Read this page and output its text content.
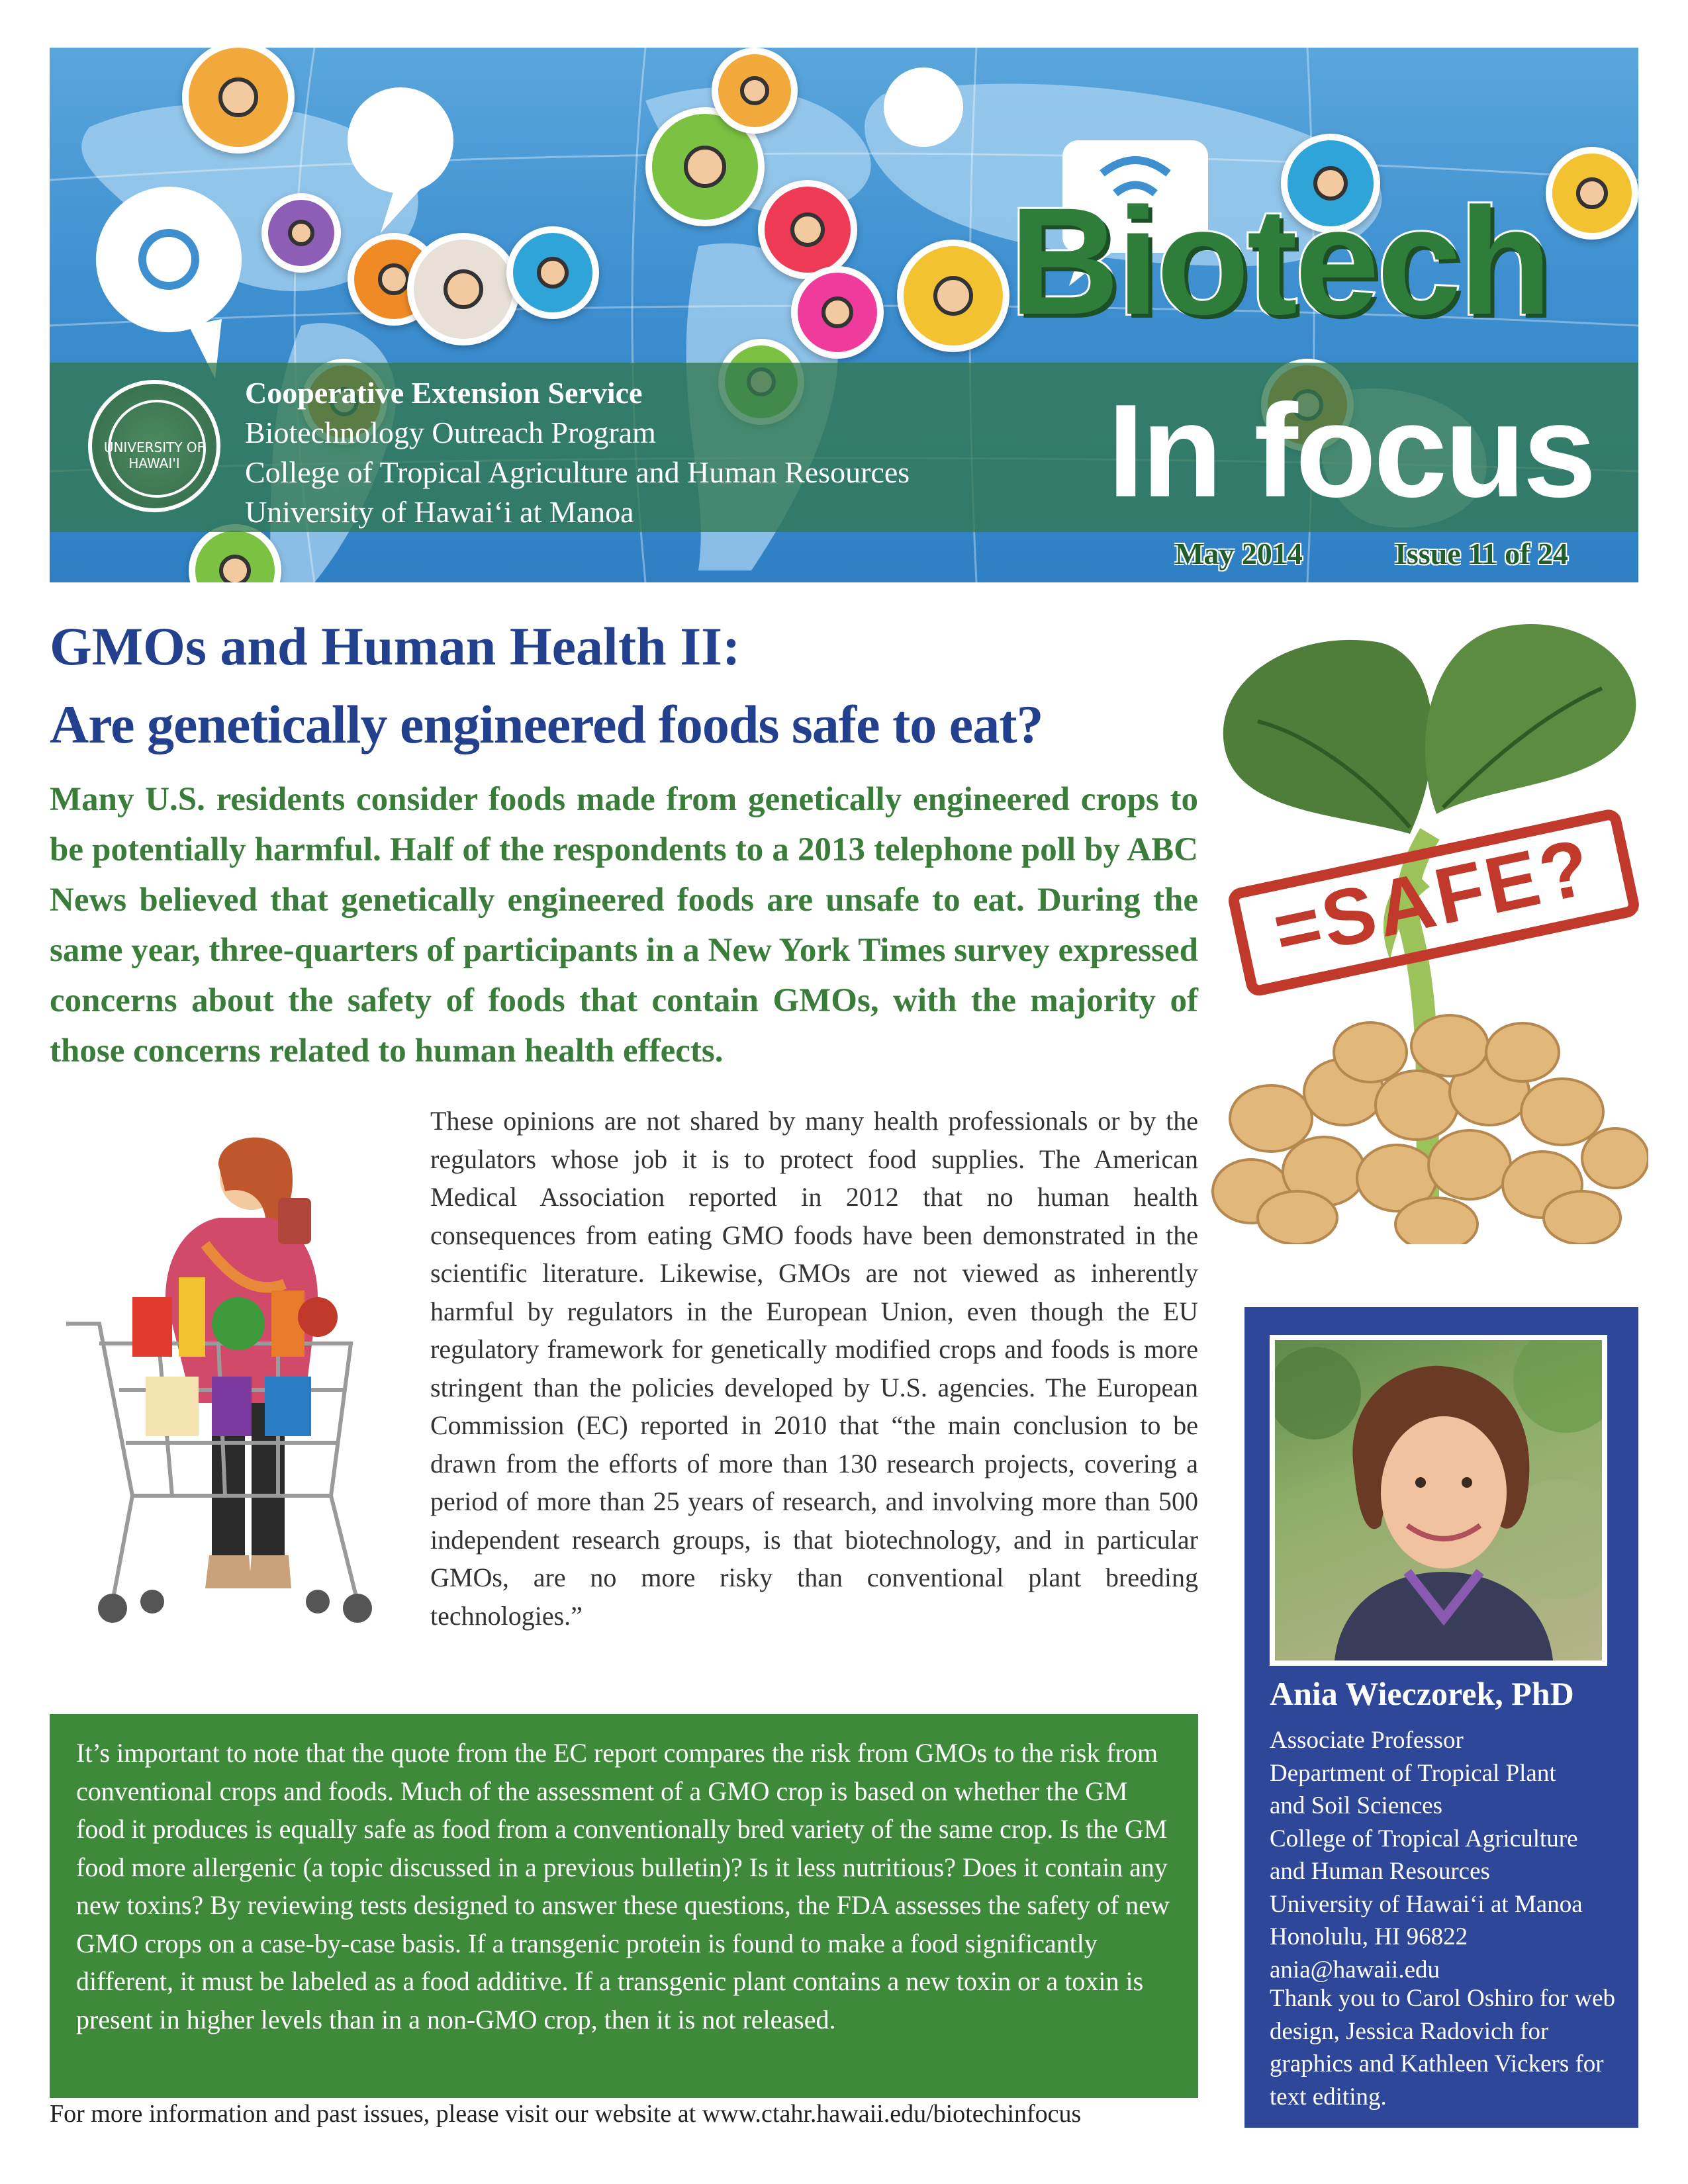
UNIVERSITY OF HAWAI'I
Cooperative Extension Service
Biotechnology Outreach Program
College of Tropical Agriculture and Human Resources
University of Hawai‘i at Manoa
Biotech
In focus
May 2014	Issue 11 of 24
GMOs and Human Health II:
Are genetically engineered foods safe to eat?

Many U.S. residents consider foods made from genetically engineered crops to be potentially harmful. Half of the respondents to a 2013 telephone poll by ABC News believed that genetically engineered foods are unsafe to eat. During the same year, three-quarters of participants in a New York Times survey expressed concerns about the safety of foods that contain GMOs, with the majority of those concerns related to human health effects.

=SAFE?

These opinions are not shared by many health professionals or by the regulators whose job it is to protect food supplies. The American Medical Association reported in 2012 that no human health consequences from eating GMO foods have been demonstrated in the scientific literature. Likewise, GMOs are not viewed as inherently harmful by regulators in the European Union, even though the EU regulatory framework for genetically modified crops and foods is more stringent than the policies developed by U.S. agencies. The European Commission (EC) reported in 2010 that “the main conclusion to be drawn from the efforts of more than 130 research projects, covering a period of more than 25 years of research, and involving more than 500 independent research groups, is that biotechnology, and in particular GMOs, are no more risky than conventional plant breeding technologies.”

It’s important to note that the quote from the EC report compares the risk from GMOs to the risk from conventional crops and foods. Much of the assessment of a GMO crop is based on whether the GM food it produces is equally safe as food from a conventionally bred variety of the same crop. Is the GM food more allergenic (a topic discussed in a previous bulletin)? Is it less nutritious? Does it contain any new toxins? By reviewing tests designed to answer these questions, the FDA assesses the safety of new GMO crops on a case-by-case basis. If a transgenic protein is found to make a food significantly different, it must be labeled as a food additive. If a transgenic plant contains a new toxin or a toxin is present in higher levels than in a non-GMO crop, then it is not released.

For more information and past issues, please visit our website at www.ctahr.hawaii.edu/biotechinfocus
Ania Wieczorek, PhD
Associate Professor
Department of Tropical Plant
and Soil Sciences
College of Tropical Agriculture
and Human Resources
University of Hawai‘i at Manoa
Honolulu, HI 96822
ania@hawaii.edu

Thank you to Carol Oshiro for web design, Jessica Radovich for graphics and Kathleen Vickers for text editing.
